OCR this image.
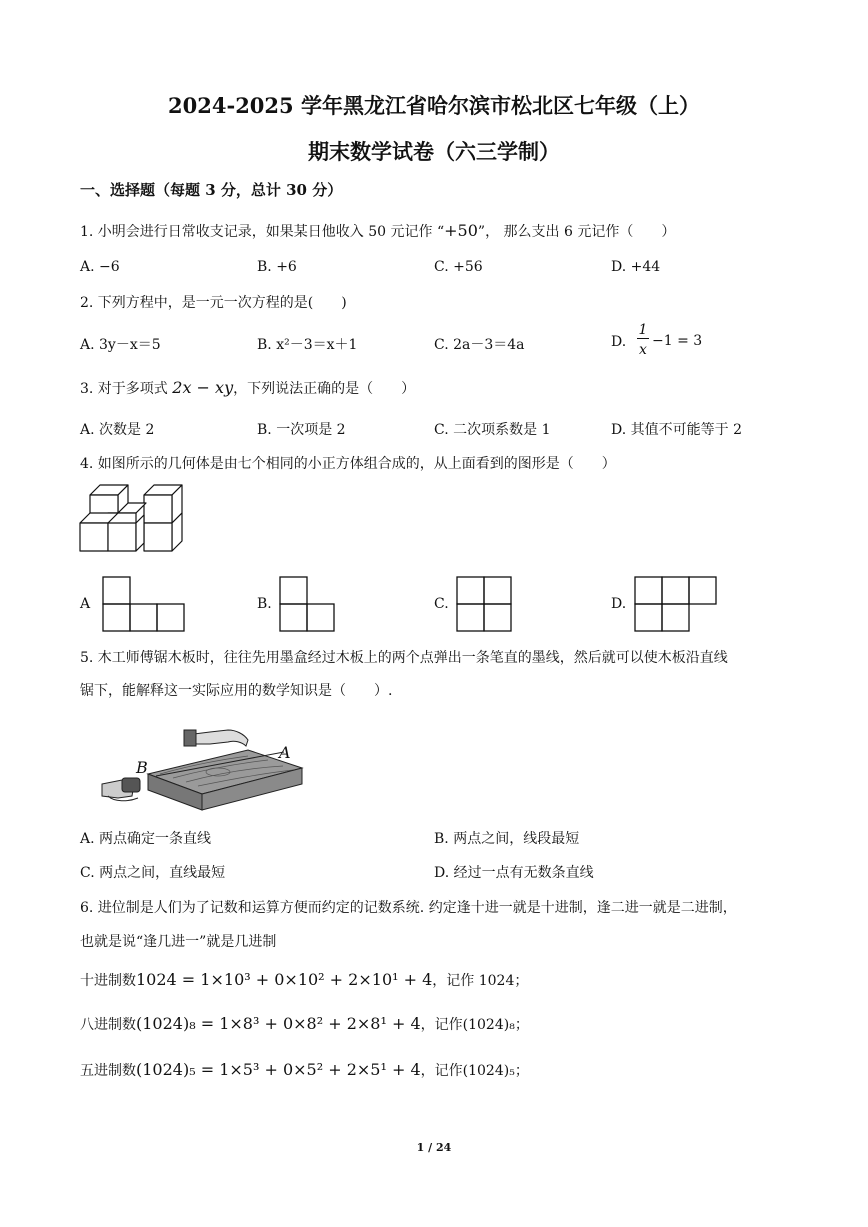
2024-2025 学年黑龙江省哈尔滨市松北区七年级（上）
期末数学试卷（六三学制）
一、选择题（每题 3 分，总计 30 分）
1. 小明会进行日常收支记录，如果某日他收入 50 元记作 “+50”， 那么支出 6 元记作（　　）
A. −6	B. +6	C. +56	D. +44
2. 下列方程中，是一元一次方程的是(　　)
A. 3y－x＝5	B. x²－3＝x＋1	C. 2a－3＝4a	D.
1
x
−1 = 3
3. 对于多项式 2x − xy，下列说法正确的是（　　）
A. 次数是 2	B. 一次项是 2	C. 二次项系数是 1	D. 其值不可能等于 2
4. 如图所示的几何体是由七个相同的小正方体组合成的，从上面看到的图形是（　　）
A	B.	C.	D.
5. 木工师傅锯木板时，往往先用墨盒经过木板上的两个点弹出一条笔直的墨线，然后就可以使木板沿直线
锯下，能解释这一实际应用的数学知识是（　　）.
B
A
A. 两点确定一条直线	B. 两点之间，线段最短
C. 两点之间，直线最短	D. 经过一点有无数条直线
6. 进位制是人们为了记数和运算方便而约定的记数系统. 约定逢十进一就是十进制，逢二进一就是二进制，
也就是说“逢几进一”就是几进制
十进制数1024 = 1×10³ + 0×10² + 2×10¹ + 4，记作 1024；
八进制数(1024)₈ = 1×8³ + 0×8² + 2×8¹ + 4，记作(1024)₈；
五进制数(1024)₅ = 1×5³ + 0×5² + 2×5¹ + 4，记作(1024)₅；
1 / 24
